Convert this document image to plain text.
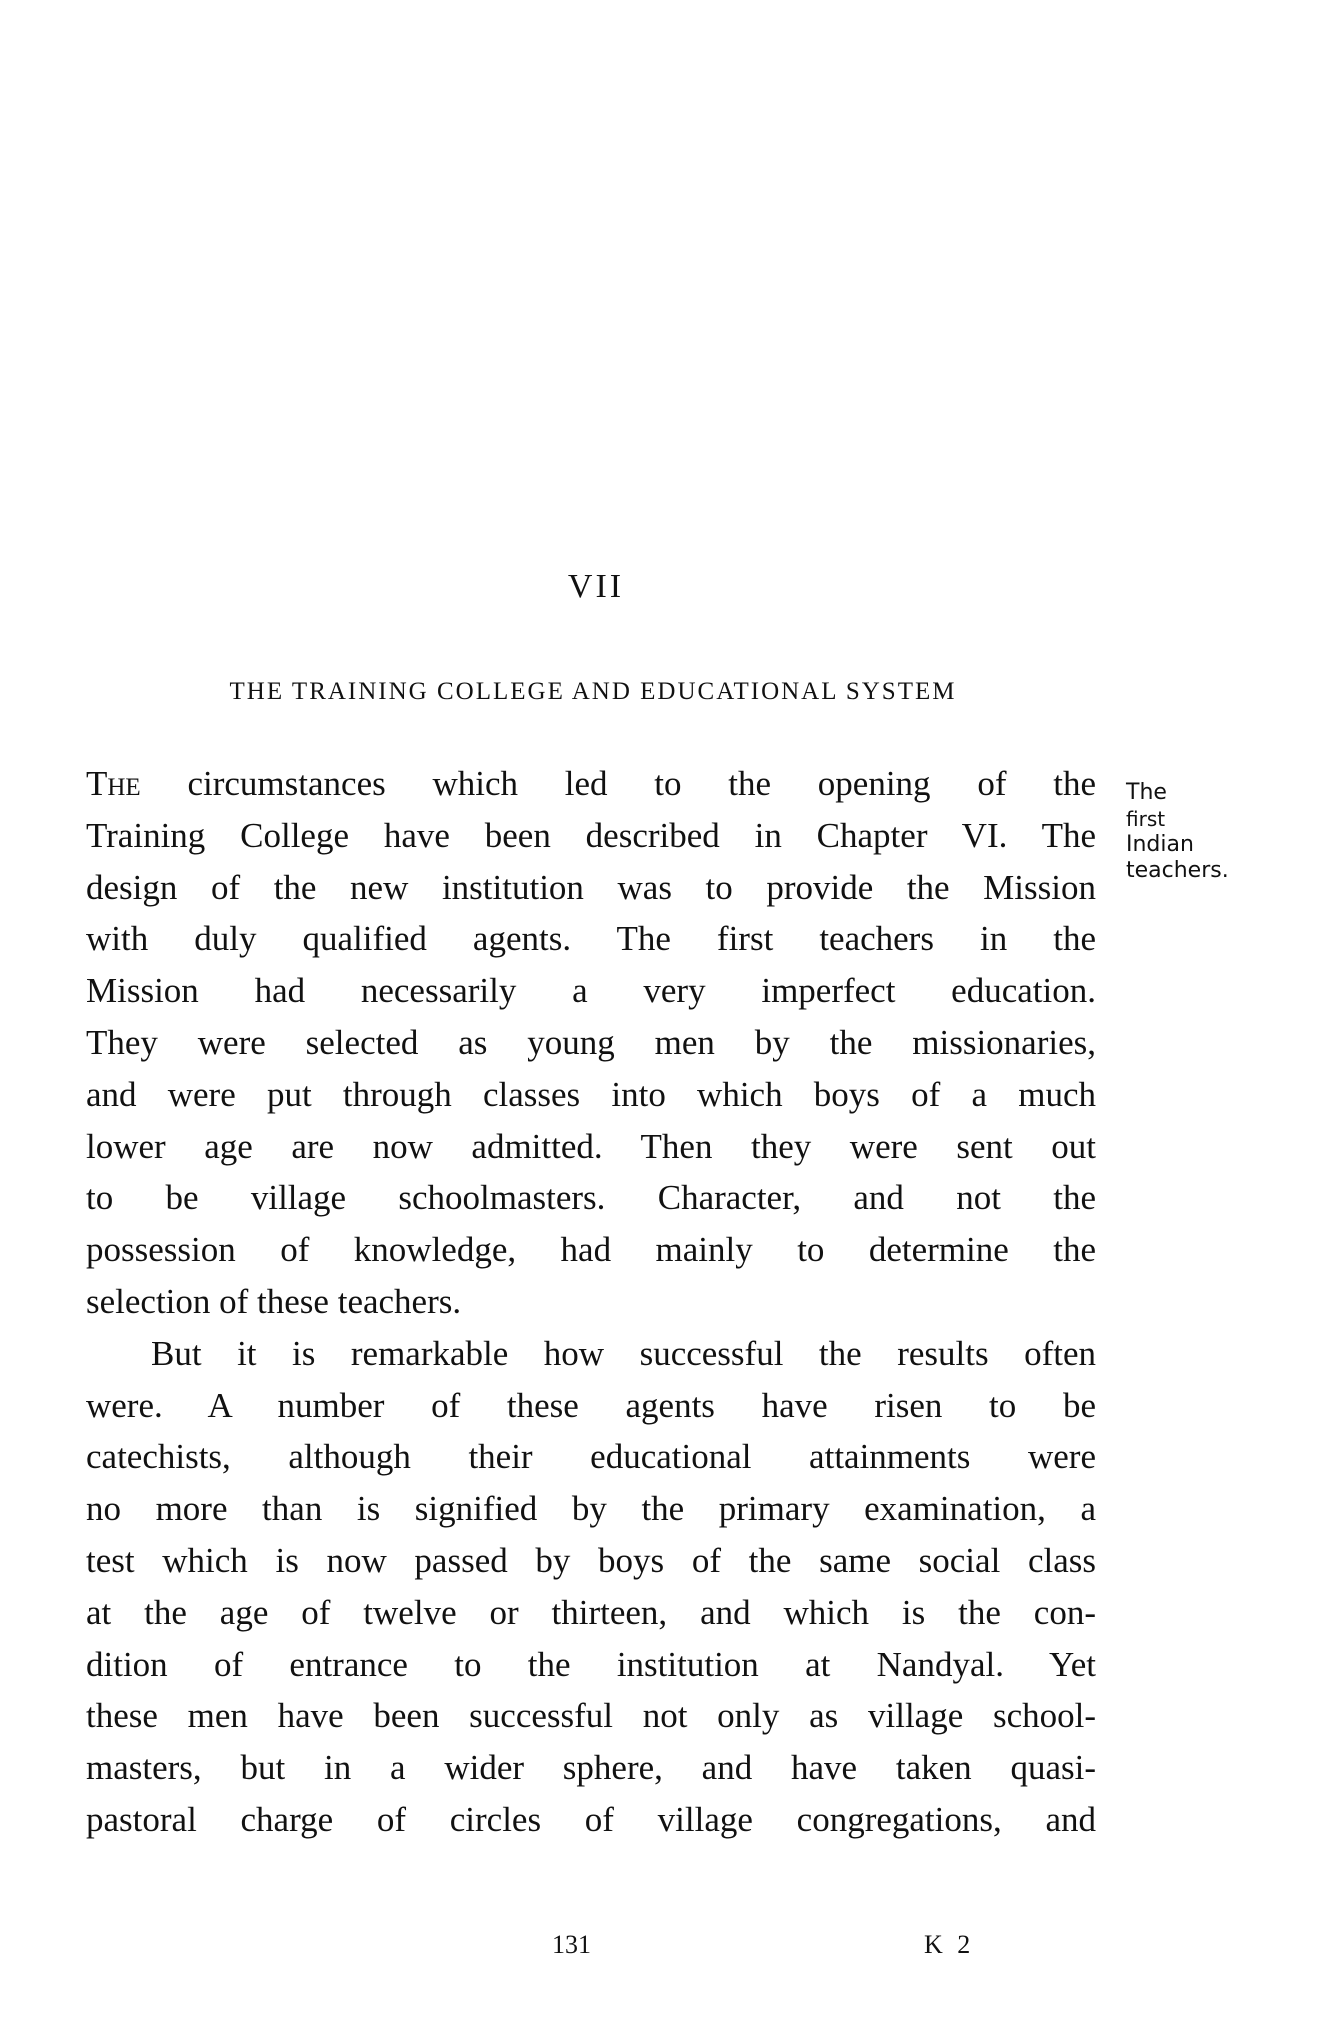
VII
THE TRAINING COLLEGE AND EDUCATIONAL SYSTEM
The
first
Indian
teachers.
The circumstances which led to the opening of the
Training College have been described in Chapter VI. The
design of the new institution was to provide the Mission
with duly qualified agents. The first teachers in the
Mission had necessarily a very imperfect education.
They were selected as young men by the missionaries,
and were put through classes into which boys of a much
lower age are now admitted. Then they were sent out
to be village schoolmasters. Character, and not the
possession of knowledge, had mainly to determine the
selection of these teachers.
But it is remarkable how successful the results often
were. A number of these agents have risen to be
catechists, although their educational attainments were
no more than is signified by the primary examination, a
test which is now passed by boys of the same social class
at the age of twelve or thirteen, and which is the con-
dition of entrance to the institution at Nandyal. Yet
these men have been successful not only as village school-
masters, but in a wider sphere, and have taken quasi-
pastoral charge of circles of village congregations, and
131	K 2
